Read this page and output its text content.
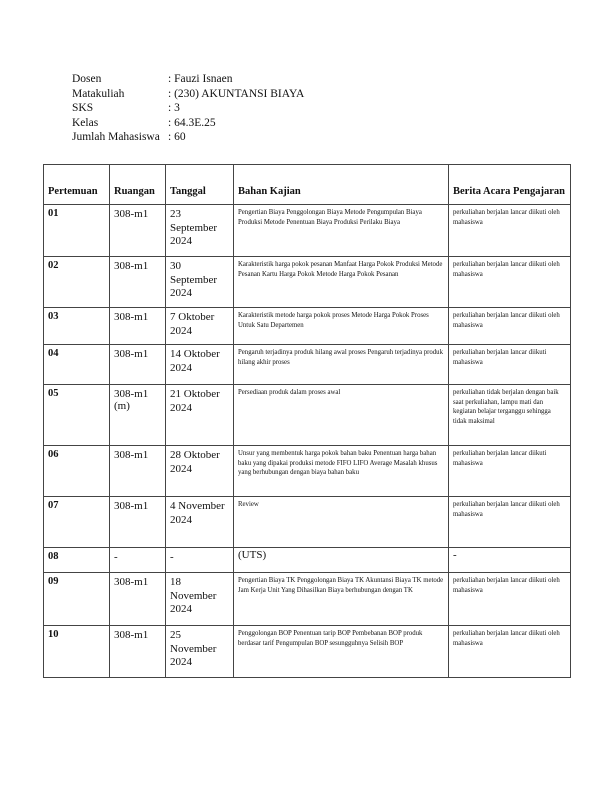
Dosen	: Fauzi Isnaen
Matakuliah	: (230) AKUNTANSI BIAYA
SKS	: 3
Kelas	: 64.3E.25
Jumlah Mahasiswa : 60
Pertemuan	Ruangan	Tanggal	Bahan Kajian	Berita Acara Pengajaran
01	308-m1	23 September 2024	Pengertian Biaya Penggolongan Biaya Metode Pengumpulan Biaya Produksi Metode Penentuan Biaya Produksi Perilaku Biaya	perkuliahan berjalan lancar diikuti oleh mahasiswa
02	308-m1	30 September 2024	Karakteristik harga pokok pesanan Manfaat Harga Pokok Produksi Metode Pesanan Kartu Harga Pokok Metode Harga Pokok Pesanan	perkuliahan berjalan lancar diikuti oleh mahasiswa
03	308-m1	7 Oktober 2024	Karakteristik metode harga pokok proses Metode Harga Pokok Proses Untuk Satu Departemen	perkuliahan berjalan lancar diikuti oleh mahasiswa
04	308-m1	14 Oktober 2024	Pengaruh terjadinya produk hilang awal proses Pengaruh terjadinya produk hilang akhir proses	perkuliahan berjalan lancar diikuti mahasiswa
05	308-m1 (m)	21 Oktober 2024	Persediaan produk dalam proses awal	perkuliahan tidak berjalan dengan baik saat perkuliahan, lampu mati dan kegiatan belajar terganggu sehingga tidak maksimal
06	308-m1	28 Oktober 2024	Unsur yang membentuk harga pokok bahan baku Penentuan harga bahan baku yang dipakai produksi metode FIFO LIFO Average Masalah khusus yang berhubungan dengan biaya bahan baku	perkuliahan berjalan lancar diikuti mahasiswa
07	308-m1	4 November 2024	Review	perkuliahan berjalan lancar diikuti oleh mahasiswa
08	-	-	(UTS)	-
09	308-m1	18 November 2024	Pengertian Biaya TK Penggolongan Biaya TK Akuntansi Biaya TK metode Jam Kerja Unit Yang Dihasilkan Biaya berhubungan dengan TK	perkuliahan berjalan lancar diikuti oleh mahasiswa
10	308-m1	25 November 2024	Penggolongan BOP Penentuan tarip BOP Pembebanan BOP produk berdasar tarif Pengumpulan BOP sesungguhnya Selisih BOP	perkuliahan berjalan lancar diikuti oleh mahasiswa
